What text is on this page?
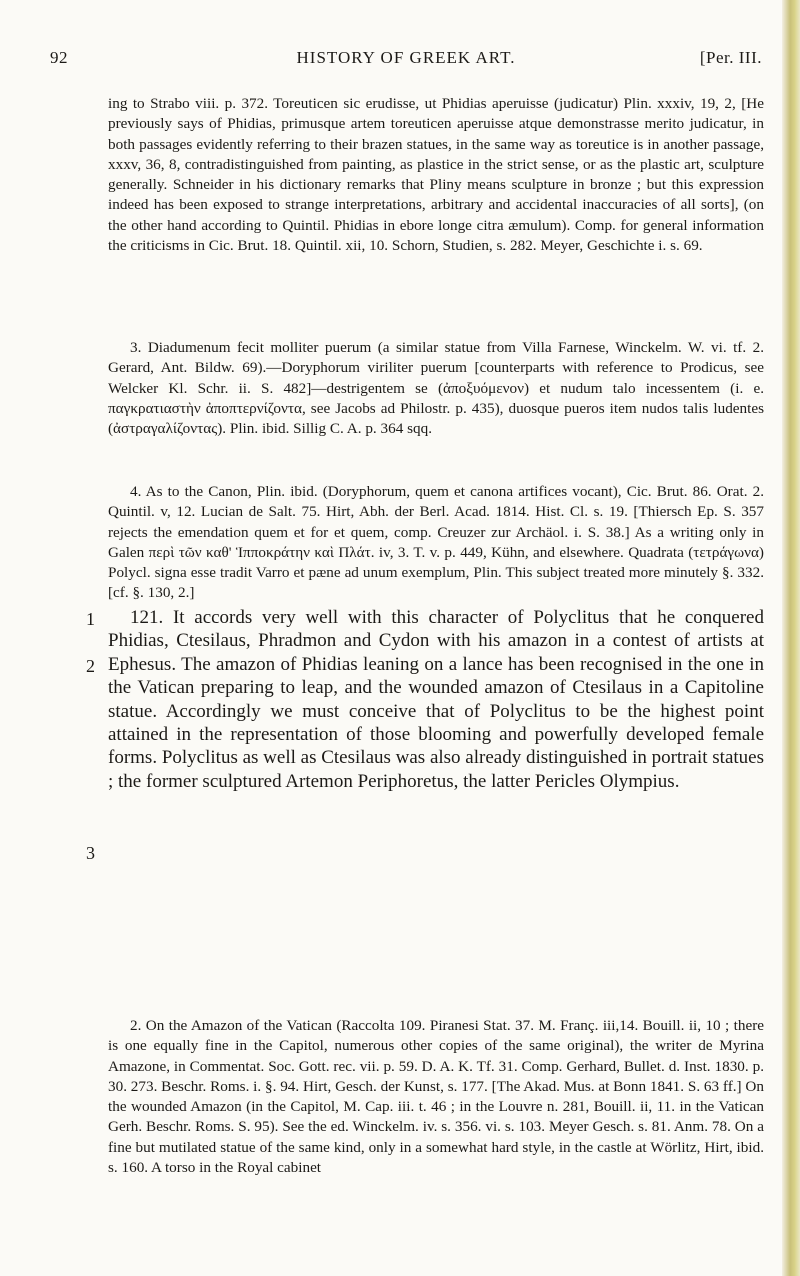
92	HISTORY OF GREEK ART.	[Per. III.

ing to Strabo viii. p. 372. Toreuticen sic erudisse, ut Phidias aperuisse (judicatur) Plin. xxxiv, 19, 2, [He previously says of Phidias, primusque artem toreuticen aperuisse atque demonstrasse merito judicatur, in both passages evidently referring to their brazen statues, in the same way as toreutice is in another passage, xxxv, 36, 8, contradistinguished from painting, as plastice in the strict sense, or as the plastic art, sculpture generally. Schneider in his dictionary remarks that Pliny means sculpture in bronze ; but this expression indeed has been exposed to strange interpretations, arbitrary and accidental inaccuracies of all sorts], (on the other hand according to Quintil. Phidias in ebore longe citra æmulum). Comp. for general information the criticisms in Cic. Brut. 18. Quintil. xii, 10. Schorn, Studien, s. 282. Meyer, Geschichte i. s. 69.

3. Diadumenum fecit molliter puerum (a similar statue from Villa Farnese, Winckelm. W. vi. tf. 2. Gerard, Ant. Bildw. 69).—Doryphorum viriliter puerum [counterparts with reference to Prodicus, see Welcker Kl. Schr. ii. S. 482]—destrigentem se (ἀποξυόμενον) et nudum talo incessentem (i. e. παγκρατιαστὴν ἀποπτερνίζοντα, see Jacobs ad Philostr. p. 435), duosque pueros item nudos talis ludentes (ἀστραγαλίζοντας). Plin. ibid. Sillig C. A. p. 364 sqq.

4. As to the Canon, Plin. ibid. (Doryphorum, quem et canona artifices vocant), Cic. Brut. 86. Orat. 2. Quintil. v, 12. Lucian de Salt. 75. Hirt, Abh. der Berl. Acad. 1814. Hist. Cl. s. 19. [Thiersch Ep. S. 357 rejects the emendation quem et for et quem, comp. Creuzer zur Archäol. i. S. 38.] As a writing only in Galen περὶ τῶν καθ' Ἱπποκράτην καὶ Πλάτ. iv, 3. T. v. p. 449, Kühn, and elsewhere. Quadrata (τετράγωνα) Polycl. signa esse tradit Varro et pæne ad unum exemplum, Plin. This subject treated more minutely §. 332. [cf. §. 130, 2.]

1
2
3

121. It accords very well with this character of Polyclitus that he conquered Phidias, Ctesilaus, Phradmon and Cydon with his amazon in a contest of artists at Ephesus. The amazon of Phidias leaning on a lance has been recognised in the one in the Vatican preparing to leap, and the wounded amazon of Ctesilaus in a Capitoline statue. Accordingly we must conceive that of Polyclitus to be the highest point attained in the representation of those blooming and powerfully developed female forms. Polyclitus as well as Ctesilaus was also already distinguished in portrait statues ; the former sculptured Artemon Periphoretus, the latter Pericles Olympius.

2. On the Amazon of the Vatican (Raccolta 109. Piranesi Stat. 37. M. Franç. iii,14. Bouill. ii, 10 ; there is one equally fine in the Capitol, numerous other copies of the same original), the writer de Myrina Amazone, in Commentat. Soc. Gott. rec. vii. p. 59. D. A. K. Tf. 31. Comp. Gerhard, Bullet. d. Inst. 1830. p. 30. 273. Beschr. Roms. i. §. 94. Hirt, Gesch. der Kunst, s. 177. [The Akad. Mus. at Bonn 1841. S. 63 ff.] On the wounded Amazon (in the Capitol, M. Cap. iii. t. 46 ; in the Louvre n. 281, Bouill. ii, 11. in the Vatican Gerh. Beschr. Roms. S. 95). See the ed. Winckelm. iv. s. 356. vi. s. 103. Meyer Gesch. s. 81. Anm. 78. On a fine but mutilated statue of the same kind, only in a somewhat hard style, in the castle at Wörlitz, Hirt, ibid. s. 160. A torso in the Royal cabinet
